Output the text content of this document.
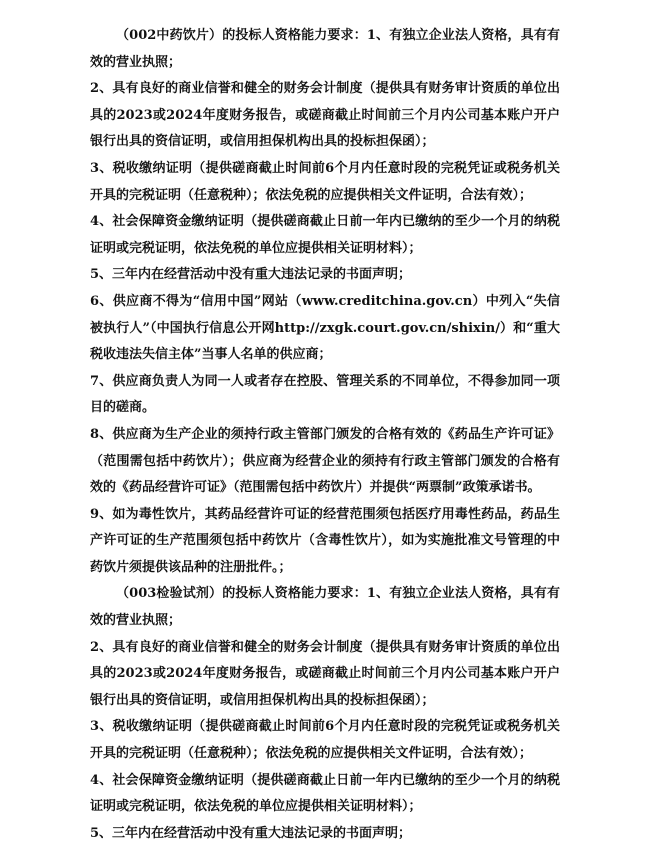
（002中药饮片）的投标人资格能力要求：1、有独立企业法人资格，具有有效的营业执照；

2、具有良好的商业信誉和健全的财务会计制度（提供具有财务审计资质的单位出具的2023或2024年度财务报告，或磋商截止时间前三个月内公司基本账户开户银行出具的资信证明，或信用担保机构出具的投标担保函）；

3、税收缴纳证明（提供磋商截止时间前6个月内任意时段的完税凭证或税务机关开具的完税证明（任意税种）；依法免税的应提供相关文件证明，合法有效）；

4、社会保障资金缴纳证明（提供磋商截止日前一年内已缴纳的至少一个月的纳税证明或完税证明，依法免税的单位应提供相关证明材料）；

5、三年内在经营活动中没有重大违法记录的书面声明；

6、供应商不得为“信用中国”网站（www.creditchina.gov.cn）中列入“失信被执行人”（中国执行信息公开网http://zxgk.court.gov.cn/shixin/）和“重大税收违法失信主体”当事人名单的供应商；

7、供应商负责人为同一人或者存在控股、管理关系的不同单位，不得参加同一项目的磋商。

8、供应商为生产企业的须持行政主管部门颁发的合格有效的《药品生产许可证》（范围需包括中药饮片）；供应商为经营企业的须持有行政主管部门颁发的合格有效的《药品经营许可证》（范围需包括中药饮片）并提供“两票制”政策承诺书。

9、如为毒性饮片，其药品经营许可证的经营范围须包括医疗用毒性药品，药品生产许可证的生产范围须包括中药饮片（含毒性饮片），如为实施批准文号管理的中药饮片须提供该品种的注册批件。；

（003检验试剂）的投标人资格能力要求：1、有独立企业法人资格，具有有效的营业执照；

2、具有良好的商业信誉和健全的财务会计制度（提供具有财务审计资质的单位出具的2023或2024年度财务报告，或磋商截止时间前三个月内公司基本账户开户银行出具的资信证明，或信用担保机构出具的投标担保函）；

3、税收缴纳证明（提供磋商截止时间前6个月内任意时段的完税凭证或税务机关开具的完税证明（任意税种）；依法免税的应提供相关文件证明，合法有效）；

4、社会保障资金缴纳证明（提供磋商截止日前一年内已缴纳的至少一个月的纳税证明或完税证明，依法免税的单位应提供相关证明材料）；

5、三年内在经营活动中没有重大违法记录的书面声明；
